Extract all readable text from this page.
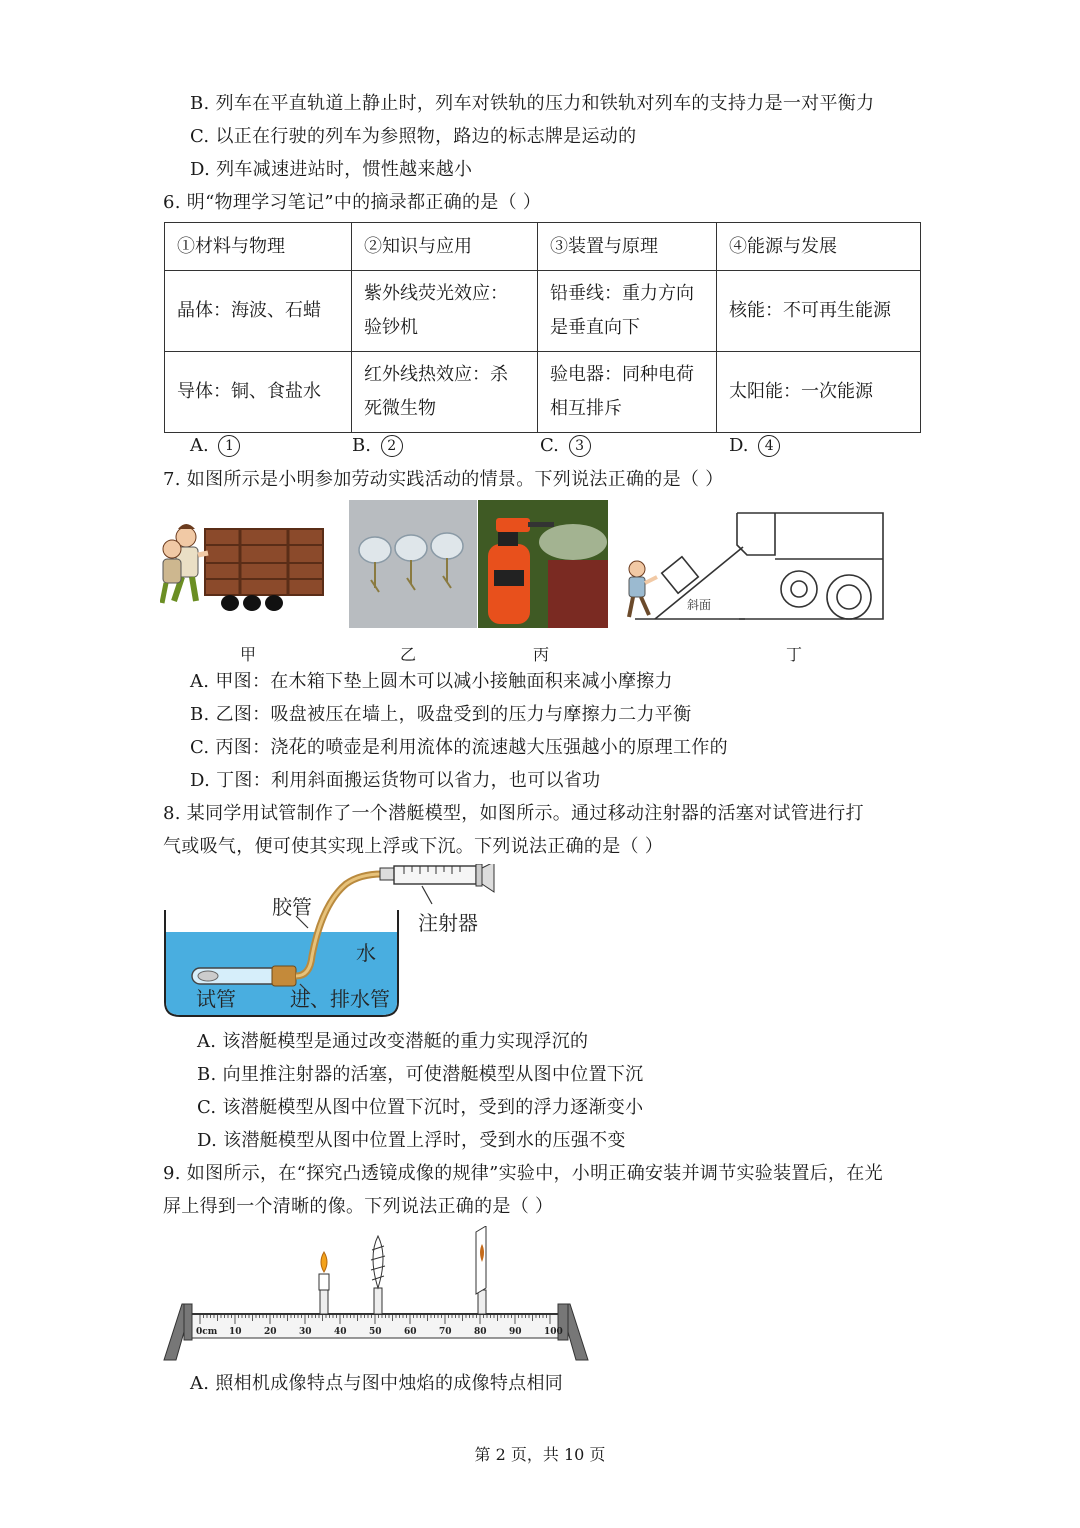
B. 列车在平直轨道上静止时，列车对铁轨的压力和铁轨对列车的支持力是一对平衡力
C. 以正在行驶的列车为参照物，路边的标志牌是运动的
D. 列车减速进站时，惯性越来越小
6. 明“物理学习笔记”中的摘录都正确的是（ ）
①材料与物理	②知识与应用	③装置与原理	④能源与发展
晶体：海波、石蜡	紫外线荧光效应：验钞机	铅垂线：重力方向是垂直向下	核能：不可再生能源
导体：铜、食盐水	红外线热效应：杀死微生物	验电器：同种电荷相互排斥	太阳能：一次能源
A. 1	B. 2	C. 3	D. 4
7. 如图所示是小明参加劳动实践活动的情景。下列说法正确的是（ ）
斜面
甲	乙	丙	丁
A. 甲图：在木箱下垫上圆木可以减小接触面积来减小摩擦力
B. 乙图：吸盘被压在墙上，吸盘受到的压力与摩擦力二力平衡
C. 丙图：浇花的喷壶是利用流体的流速越大压强越小的原理工作的
D. 丁图：利用斜面搬运货物可以省力，也可以省功
8. 某同学用试管制作了一个潜艇模型，如图所示。通过移动注射器的活塞对试管进行打
气或吸气，便可使其实现上浮或下沉。下列说法正确的是（ ）
胶管
注射器
水
试管	进、排水管
A. 该潜艇模型是通过改变潜艇的重力实现浮沉的
B. 向里推注射器的活塞，可使潜艇模型从图中位置下沉
C. 该潜艇模型从图中位置下沉时，受到的浮力逐渐变小
D. 该潜艇模型从图中位置上浮时，受到水的压强不变
9. 如图所示，在“探究凸透镜成像的规律”实验中，小明正确安装并调节实验装置后，在光
屏上得到一个清晰的像。下列说法正确的是（ ）
0cm 10 20 30 40 50 60 70 80 90 100
A. 照相机成像特点与图中烛焰的成像特点相同
第 2 页，共 10 页
